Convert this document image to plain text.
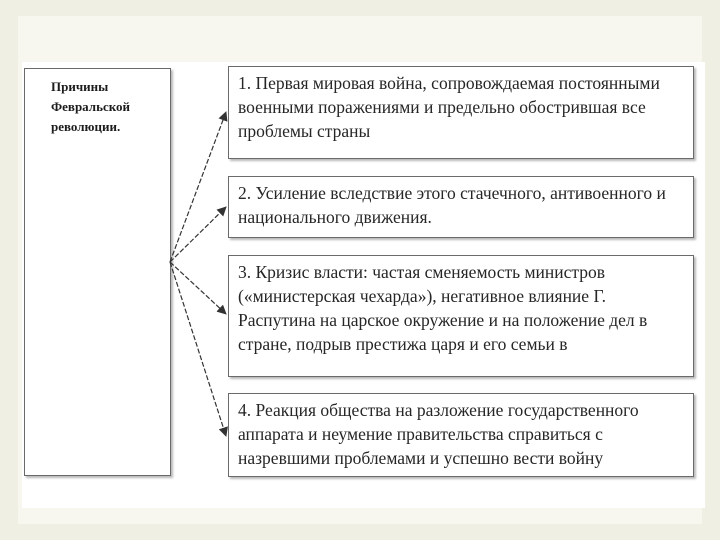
Причины
Февральской
революции.
1. Первая мировая война, сопровождаемая постоянными военными поражениями и предельно обострившая все проблемы страны
2. Усиление вследствие этого стачечного, антивоенного и национального движения.
3. Кризис власти: частая сменяемость министров («министерская чехарда»), негативное влияние Г. Распутина на царское окружение и на положение дел в стране, подрыв престижа царя и его семьи в
4. Реакция общества на разложение государственного аппарата и неумение правительства справиться с назревшими проблемами и успешно вести войну
